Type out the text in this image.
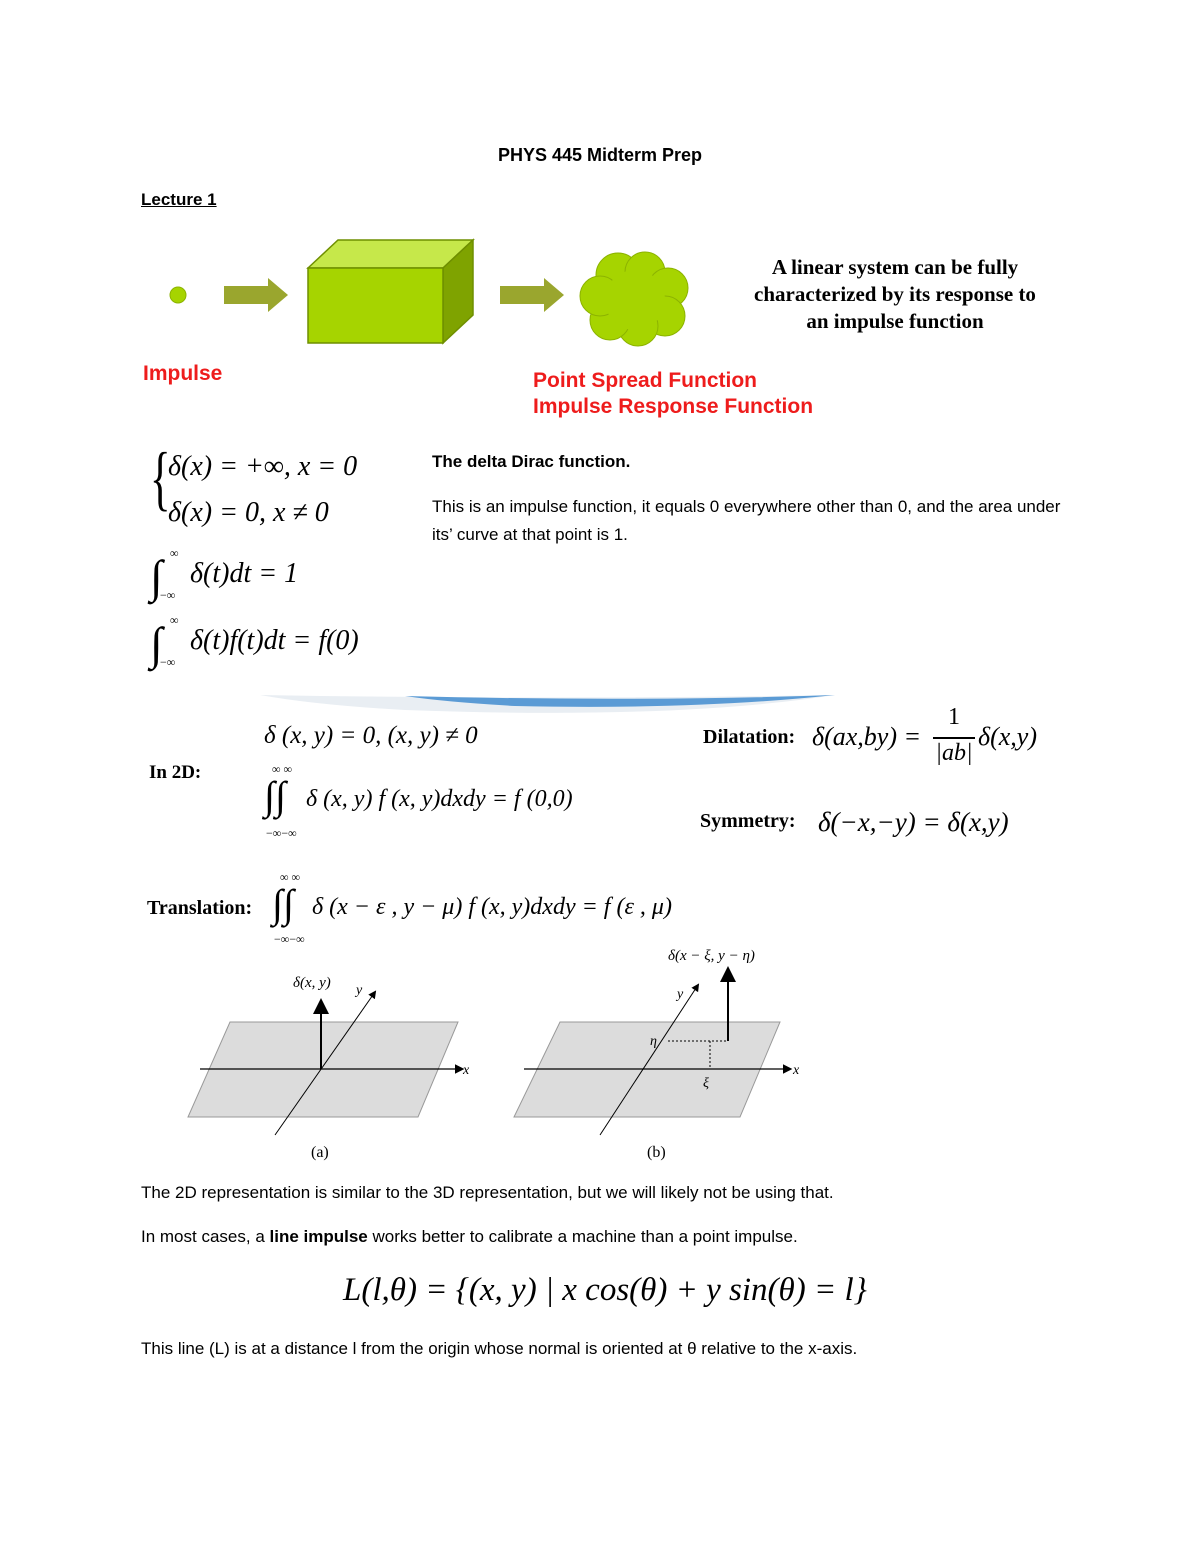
PHYS 445 Midterm Prep
Lecture 1
A linear system can be fully
characterized by its response to
an impulse function
Impulse	Point Spread Function
Impulse Response Function
{
δ(x) = +∞, x = 0
δ(x) = 0, x ≠ 0
∫ ∞
−∞
δ(t)dt = 1
∫ ∞
−∞
δ(t)f(t)dt = f(0)
The delta Dirac function.
This is an impulse function, it equals 0 everywhere other than 0, and the area under its’ curve at that point is 1.
In 2D:
δ (x, y) = 0, (x, y) ≠ 0
∞ ∞
∫∫
−∞−∞
δ (x, y) f (x, y)dxdy = f (0,0)
Dilatation: δ(ax,by) =
1
|ab|
δ(x,y)
Symmetry: δ(−x,−y) = δ(x,y)
Translation:
∞ ∞
∫∫
−∞−∞
δ (x − ε , y − μ) f (x, y)dxdy = f (ε , μ)
δ(x, y) y
x
(a)
δ(x − ξ, y − η)
y
x
η
ξ
(b)
The 2D representation is similar to the 3D representation, but we will likely not be using that.
In most cases, a line impulse works better to calibrate a machine than a point impulse.
L(l,θ) = {(x, y) | x cos(θ) + y sin(θ) = l}
This line (L) is at a distance l from the origin whose normal is oriented at θ relative to the x-axis.
